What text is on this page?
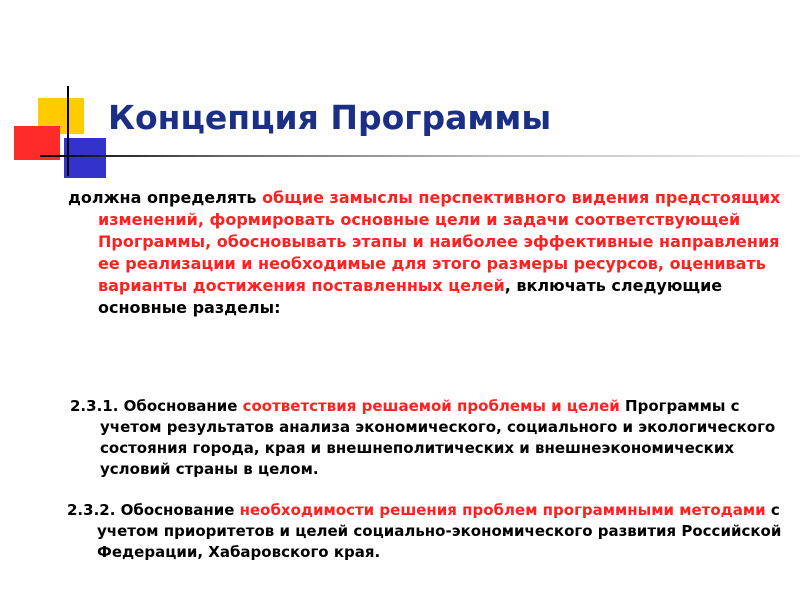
Концепция Программы

должна определять общие замыслы перспективного видения предстоящих изменений, формировать основные цели и задачи соответствующей Программы, обосновывать этапы и наиболее эффективные направления ее реализации и необходимые для этого размеры ресурсов, оценивать варианты достижения поставленных целей, включать следующие основные разделы:

2.3.1. Обоснование соответствия решаемой проблемы и целей Программы с учетом результатов анализа экономического, социального и экологического состояния города, края и внешнеполитических и внешнеэкономических условий страны в целом.

2.3.2. Обоснование необходимости решения проблем программными методами с учетом приоритетов и целей социально-экономического развития Российской Федерации, Хабаровского края.
